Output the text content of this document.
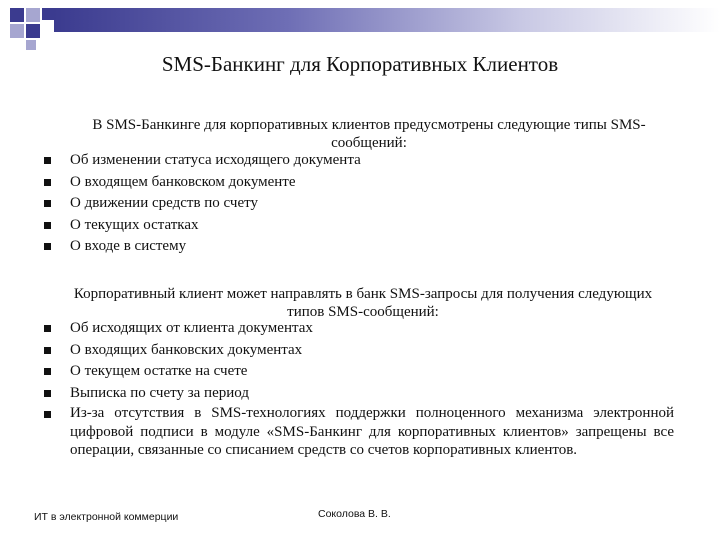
SMS-Банкинг для Корпоративных Клиентов
В SMS-Банкинге для корпоративных клиентов предусмотрены следующие типы SMS-сообщений:
Об изменении статуса исходящего документа
О входящем банковском документе
О движении средств по счету
О текущих остатках
О входе в систему
Корпоративный клиент может направлять в банк SMS-запросы для получения следующих типов SMS-сообщений:
Об исходящих от клиента документах
О входящих банковских документах
О текущем остатке на счете
Выписка по счету за период
Из-за отсутствия в SMS-технологиях поддержки полноценного механизма электронной цифровой подписи в модуле «SMS-Банкинг для корпоративных клиентов» запрещены все операции, связанные со списанием средств со счетов корпоративных клиентов.
ИТ в электронной коммерции	Соколова В. В.
